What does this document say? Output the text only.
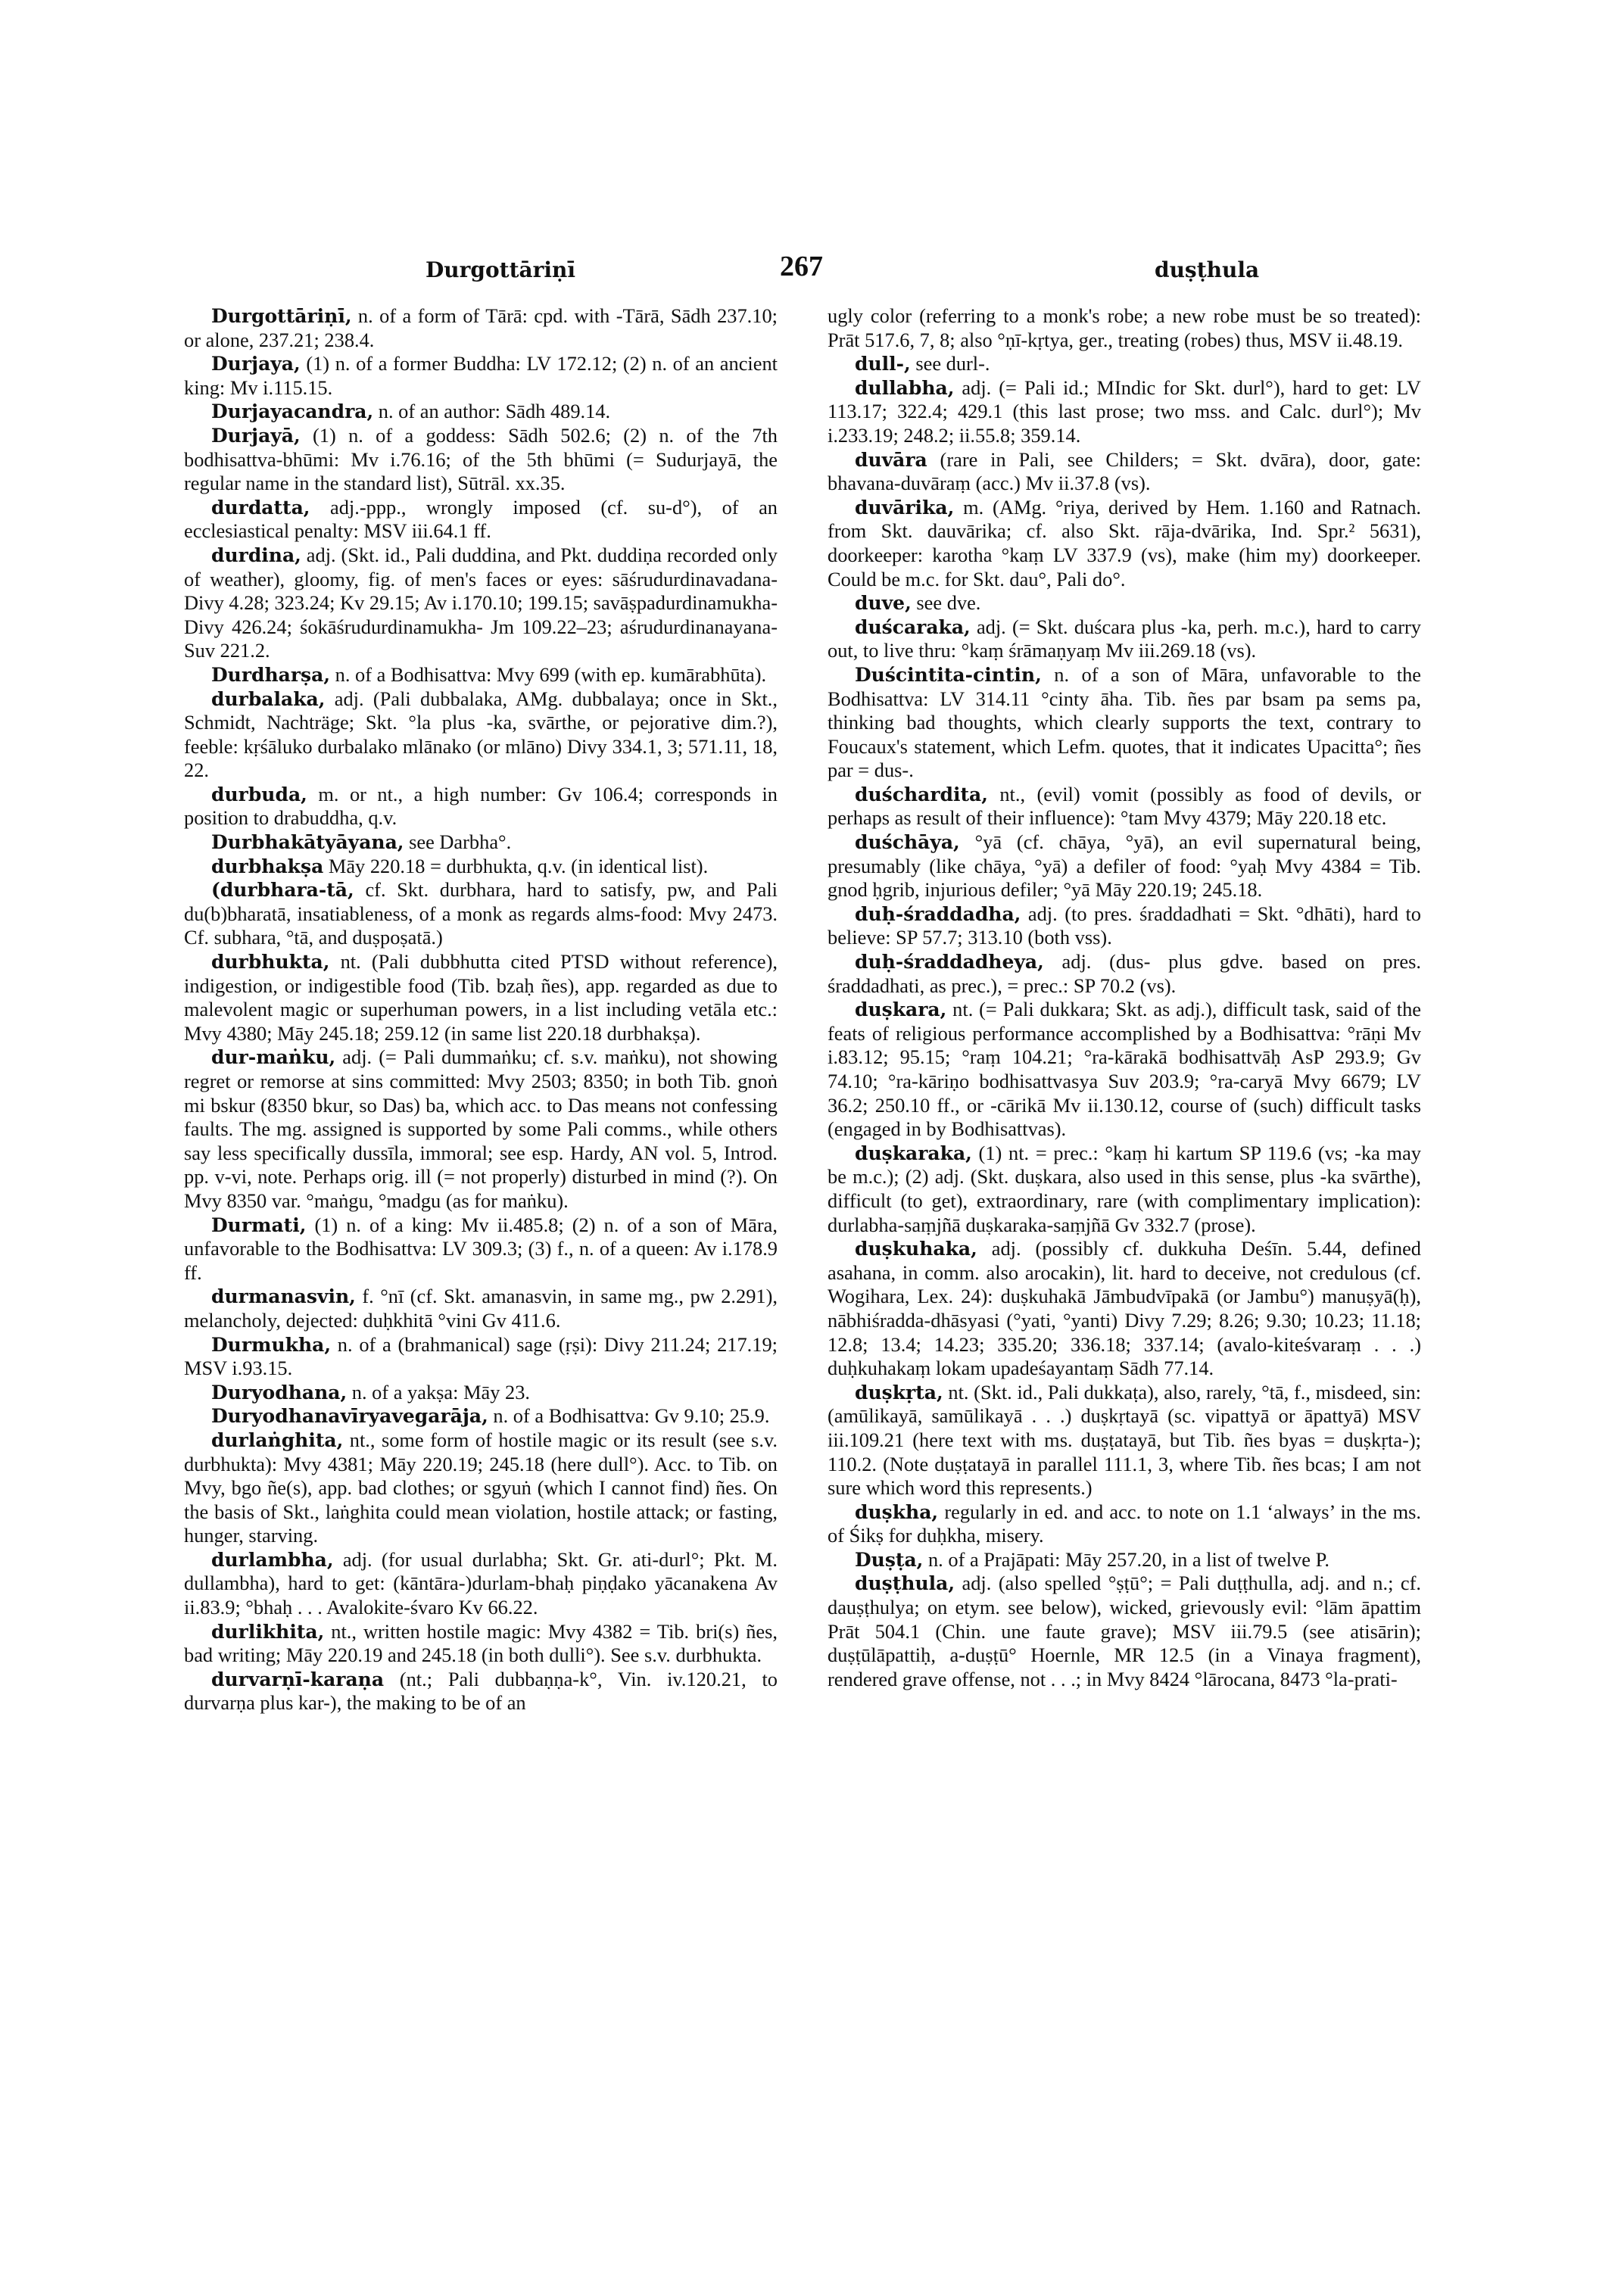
Durgottāriṇī	267	duṣṭhula

Durgottāriṇī, n. of a form of Tārā: cpd. with -Tārā, Sādh 237.10; or alone, 237.21; 238.4.

Durjaya, (1) n. of a former Buddha: LV 172.12; (2) n. of an ancient king: Mv i.115.15.

Durjayacandra, n. of an author: Sādh 489.14.

Durjayā, (1) n. of a goddess: Sādh 502.6; (2) n. of the 7th bodhisattva-bhūmi: Mv i.76.16; of the 5th bhūmi (= Sudurjayā, the regular name in the standard list), Sūtrāl. xx.35.

durdatta, adj.-ppp., wrongly imposed (cf. su-d°), of an ecclesiastical penalty: MSV iii.64.1 ff.

durdina, adj. (Skt. id., Pali duddina, and Pkt. duddiṇa recorded only of weather), gloomy, fig. of men's faces or eyes: sāśrudurdinavadana- Divy 4.28; 323.24; Kv 29.15; Av i.170.10; 199.15; savāṣpadurdinamukha- Divy 426.24; śokāśrudurdinamukha- Jm 109.22–23; aśrudurdinanayana- Suv 221.2.

Durdharṣa, n. of a Bodhisattva: Mvy 699 (with ep. kumārabhūta).

durbalaka, adj. (Pali dubbalaka, AMg. dubbalaya; once in Skt., Schmidt, Nachträge; Skt. °la plus -ka, svārthe, or pejorative dim.?), feeble: kṛśāluko durbalako mlānako (or mlāno) Divy 334.1, 3; 571.11, 18, 22.

durbuda, m. or nt., a high number: Gv 106.4; corresponds in position to drabuddha, q.v.

Durbhakātyāyana, see Darbha°.

durbhakṣa Māy 220.18 = durbhukta, q.v. (in identical list).

(durbhara-tā, cf. Skt. durbhara, hard to satisfy, pw, and Pali du(b)bharatā, insatiableness, of a monk as regards alms-food: Mvy 2473. Cf. subhara, °tā, and duṣpoṣatā.)

durbhukta, nt. (Pali dubbhutta cited PTSD without reference), indigestion, or indigestible food (Tib. bzaḥ ñes), app. regarded as due to malevolent magic or superhuman powers, in a list including vetāla etc.: Mvy 4380; Māy 245.18; 259.12 (in same list 220.18 durbhakṣa).

dur-maṅku, adj. (= Pali dummaṅku; cf. s.v. maṅku), not showing regret or remorse at sins committed: Mvy 2503; 8350; in both Tib. gnoṅ mi bskur (8350 bkur, so Das) ba, which acc. to Das means not confessing faults. The mg. assigned is supported by some Pali comms., while others say less specifically dussīla, immoral; see esp. Hardy, AN vol. 5, Introd. pp. v-vi, note. Perhaps orig. ill (= not properly) disturbed in mind (?). On Mvy 8350 var. °maṅgu, °madgu (as for maṅku).

Durmati, (1) n. of a king: Mv ii.485.8; (2) n. of a son of Māra, unfavorable to the Bodhisattva: LV 309.3; (3) f., n. of a queen: Av i.178.9 ff.

durmanasvin, f. °nī (cf. Skt. amanasvin, in same mg., pw 2.291), melancholy, dejected: duḥkhitā °vini Gv 411.6.

Durmukha, n. of a (brahmanical) sage (ṛṣi): Divy 211.24; 217.19; MSV i.93.15.

Duryodhana, n. of a yakṣa: Māy 23.

Duryodhanavīryavegarāja, n. of a Bodhisattva: Gv 9.10; 25.9.

durlaṅghita, nt., some form of hostile magic or its result (see s.v. durbhukta): Mvy 4381; Māy 220.19; 245.18 (here dull°). Acc. to Tib. on Mvy, bgo ñe(s), app. bad clothes; or sgyuṅ (which I cannot find) ñes. On the basis of Skt., laṅghita could mean violation, hostile attack; or fasting, hunger, starving.

durlambha, adj. (for usual durlabha; Skt. Gr. ati-durl°; Pkt. M. dullambha), hard to get: (kāntāra-)durlam-bhaḥ piṇḍako yācanakena Av ii.83.9; °bhaḥ . . . Avalokite-śvaro Kv 66.22.

durlikhita, nt., written hostile magic: Mvy 4382 = Tib. bri(s) ñes, bad writing; Māy 220.19 and 245.18 (in both dulli°). See s.v. durbhukta.

durvarṇī-karaṇa (nt.; Pali dubbaṇṇa-k°, Vin. iv.120.21, to durvarṇa plus kar-), the making to be of an

ugly color (referring to a monk's robe; a new robe must be so treated): Prāt 517.6, 7, 8; also °ṇī-kṛtya, ger., treating (robes) thus, MSV ii.48.19.

dull-, see durl-.

dullabha, adj. (= Pali id.; MIndic for Skt. durl°), hard to get: LV 113.17; 322.4; 429.1 (this last prose; two mss. and Calc. durl°); Mv i.233.19; 248.2; ii.55.8; 359.14.

duvāra (rare in Pali, see Childers; = Skt. dvāra), door, gate: bhavana-duvāraṃ (acc.) Mv ii.37.8 (vs).

duvārika, m. (AMg. °riya, derived by Hem. 1.160 and Ratnach. from Skt. dauvārika; cf. also Skt. rāja-dvārika, Ind. Spr.² 5631), doorkeeper: karotha °kaṃ LV 337.9 (vs), make (him my) doorkeeper. Could be m.c. for Skt. dau°, Pali do°.

duve, see dve.

duścaraka, adj. (= Skt. duścara plus -ka, perh. m.c.), hard to carry out, to live thru: °kaṃ śrāmaṇyaṃ Mv iii.269.18 (vs).

Duścintita-cintin, n. of a son of Māra, unfavorable to the Bodhisattva: LV 314.11 °cinty āha. Tib. ñes par bsam pa sems pa, thinking bad thoughts, which clearly supports the text, contrary to Foucaux's statement, which Lefm. quotes, that it indicates Upacitta°; ñes par = dus-.

duśchardita, nt., (evil) vomit (possibly as food of devils, or perhaps as result of their influence): °tam Mvy 4379; Māy 220.18 etc.

duśchāya, °yā (cf. chāya, °yā), an evil supernatural being, presumably (like chāya, °yā) a defiler of food: °yaḥ Mvy 4384 = Tib. gnod ḥgrib, injurious defiler; °yā Māy 220.19; 245.18.

duḥ-śraddadha, adj. (to pres. śraddadhati = Skt. °dhāti), hard to believe: SP 57.7; 313.10 (both vss).

duḥ-śraddadheya, adj. (dus- plus gdve. based on pres. śraddadhati, as prec.), = prec.: SP 70.2 (vs).

duṣkara, nt. (= Pali dukkara; Skt. as adj.), difficult task, said of the feats of religious performance accomplished by a Bodhisattva: °rāṇi Mv i.83.12; 95.15; °raṃ 104.21; °ra-kārakā bodhisattvāḥ AsP 293.9; Gv 74.10; °ra-kāriṇo bodhisattvasya Suv 203.9; °ra-caryā Mvy 6679; LV 36.2; 250.10 ff., or -cārikā Mv ii.130.12, course of (such) difficult tasks (engaged in by Bodhisattvas).

duṣkaraka, (1) nt. = prec.: °kaṃ hi kartum SP 119.6 (vs; -ka may be m.c.); (2) adj. (Skt. duṣkara, also used in this sense, plus -ka svārthe), difficult (to get), extraordinary, rare (with complimentary implication): durlabha-saṃjñā duṣkaraka-saṃjñā Gv 332.7 (prose).

duṣkuhaka, adj. (possibly cf. dukkuha Deśīn. 5.44, defined asahana, in comm. also arocakin), lit. hard to deceive, not credulous (cf. Wogihara, Lex. 24): duṣkuhakā Jāmbudvīpakā (or Jambu°) manuṣyā(ḥ), nābhiśradda-dhāsyasi (°yati, °yanti) Divy 7.29; 8.26; 9.30; 10.23; 11.18; 12.8; 13.4; 14.23; 335.20; 336.18; 337.14; (avalo-kiteśvaraṃ . . .) duḥkuhakaṃ lokam upadeśayantaṃ Sādh 77.14.

duṣkṛta, nt. (Skt. id., Pali dukkaṭa), also, rarely, °tā, f., misdeed, sin: (amūlikayā, samūlikayā . . .) duṣkṛtayā (sc. vipattyā or āpattyā) MSV iii.109.21 (here text with ms. duṣṭatayā, but Tib. ñes byas = duṣkṛta-); 110.2. (Note duṣṭatayā in parallel 111.1, 3, where Tib. ñes bcas; I am not sure which word this represents.)

duṣkha, regularly in ed. and acc. to note on 1.1 ‘always’ in the ms. of Śikṣ for duḥkha, misery.

Duṣṭa, n. of a Prajāpati: Māy 257.20, in a list of twelve P.

duṣṭhula, adj. (also spelled °ṣṭū°; = Pali duṭṭhulla, adj. and n.; cf. dauṣṭhulya; on etym. see below), wicked, grievously evil: °lām āpattim Prāt 504.1 (Chin. une faute grave); MSV iii.79.5 (see atisārin); duṣṭūlāpattiḥ, a-duṣṭū° Hoernle, MR 12.5 (in a Vinaya fragment), rendered grave offense, not . . .; in Mvy 8424 °lārocana, 8473 °la-prati-
